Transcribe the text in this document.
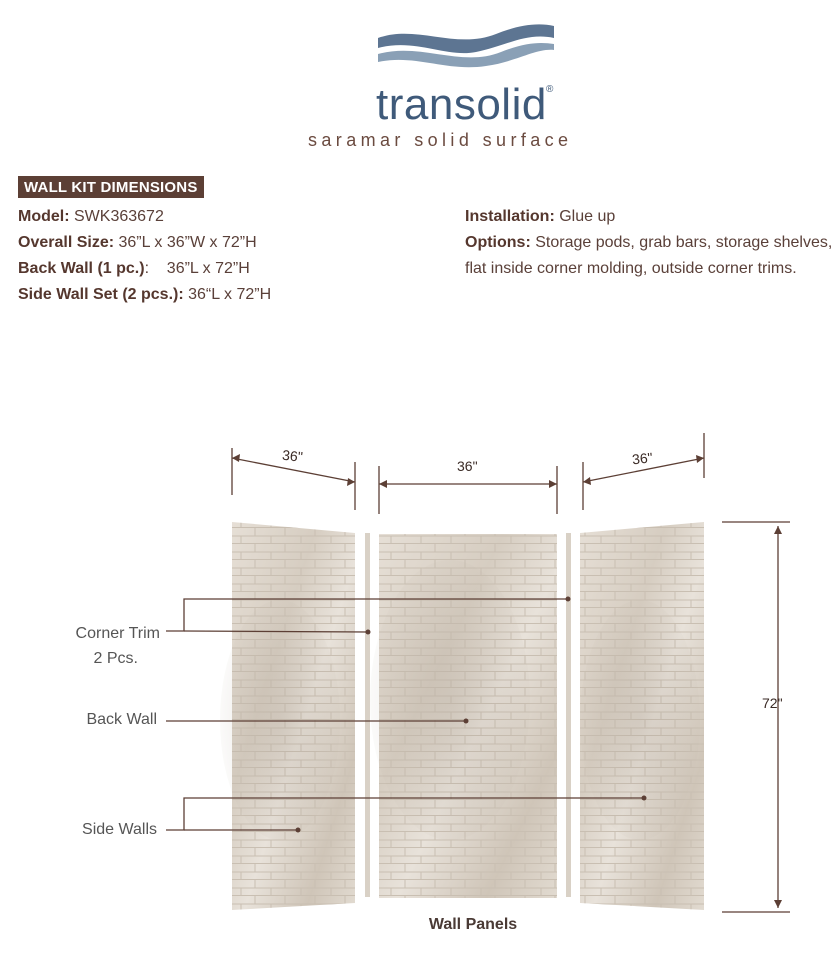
transolid ®
saramar solid surface
WALL KIT DIMENSIONS
Model: SWK363672
Overall Size: 36”L x 36”W x 72”H
Back Wall (1 pc.): 36”L x 72”H
Side Wall Set (2 pcs.): 36“L x 72”H
Installation: Glue up
Options: Storage pods, grab bars, storage shelves, flat inside corner molding, outside corner trims.
36"
36"	36"
72"
Corner Trim
2 Pcs.
Back Wall
Side Walls
Wall Panels
